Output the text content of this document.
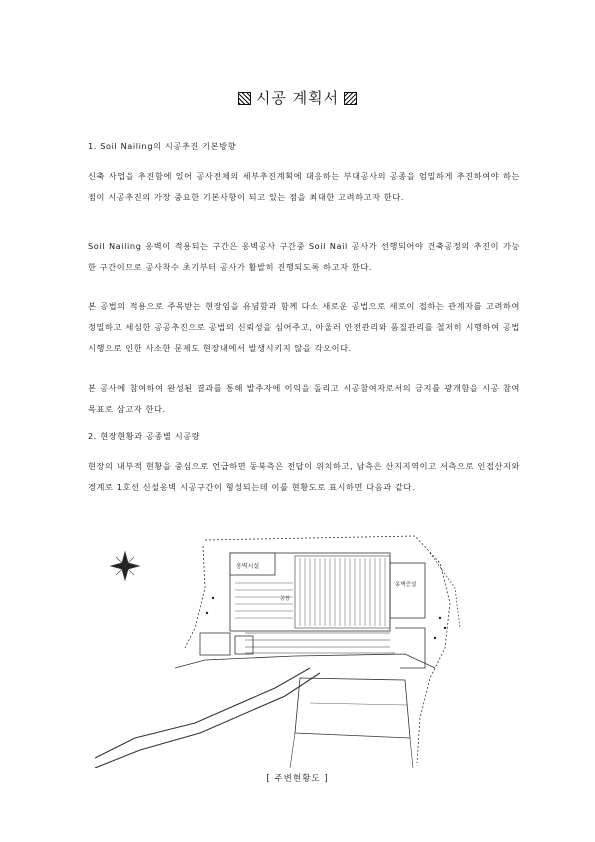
시공 계획서
1. Soil Nailing의 시공추진 기본방향
신축 사업을 추진함에 있어 공사전체의 세부추진계획에 대응하는 부대공사의 공종을 엄밀하게 추진하여야 하는 점이 시공추진의 가장 중요한 기본사항이 되고 있는 점을 최대한 고려하고자 한다.
Soil Nailing 옹벽이 적용되는 구간은 옹벽공사 구간중 Soil Nail 공사가 선행되어야 건축공정의 추진이 가능한 구간이므로 공사착수 초기부터 공사가 활발히 진행되도록 하고자 한다.
본 공법의 적용으로 주목받는 현장임을 유념함과 함께 다소 새로운 공법으로 새로이 접하는 관계자를 고려하여 정밀하고 세심한 공공추진으로 공법의 신뢰성을 심어주고, 아울러 안전관리와 품질관리를 철저히 시행하여 공법 시행으로 인한 사소한 문제도 현장내에서 발생시키지 않을 각오이다.
본 공사에 참여하여 완성된 결과를 통해 발주자에 이익을 돌리고 시공참여자로서의 긍지를 광개함을 시공 참여 목표로 삼고자 한다.
2. 현장현황과 공종별 시공량
현장의 내부적 현황을 중심으로 언급하면 동북측은 전답이 위치하고, 남측은 산지지역이고 서측으로 인접산지와 경계로 1호선 신설옹벽 시공구간이 형성되는데 이를 현황도로 표시하면 다음과 같다.
옹벽시설
공장
옹벽증설
[ 주변현황도 ]
